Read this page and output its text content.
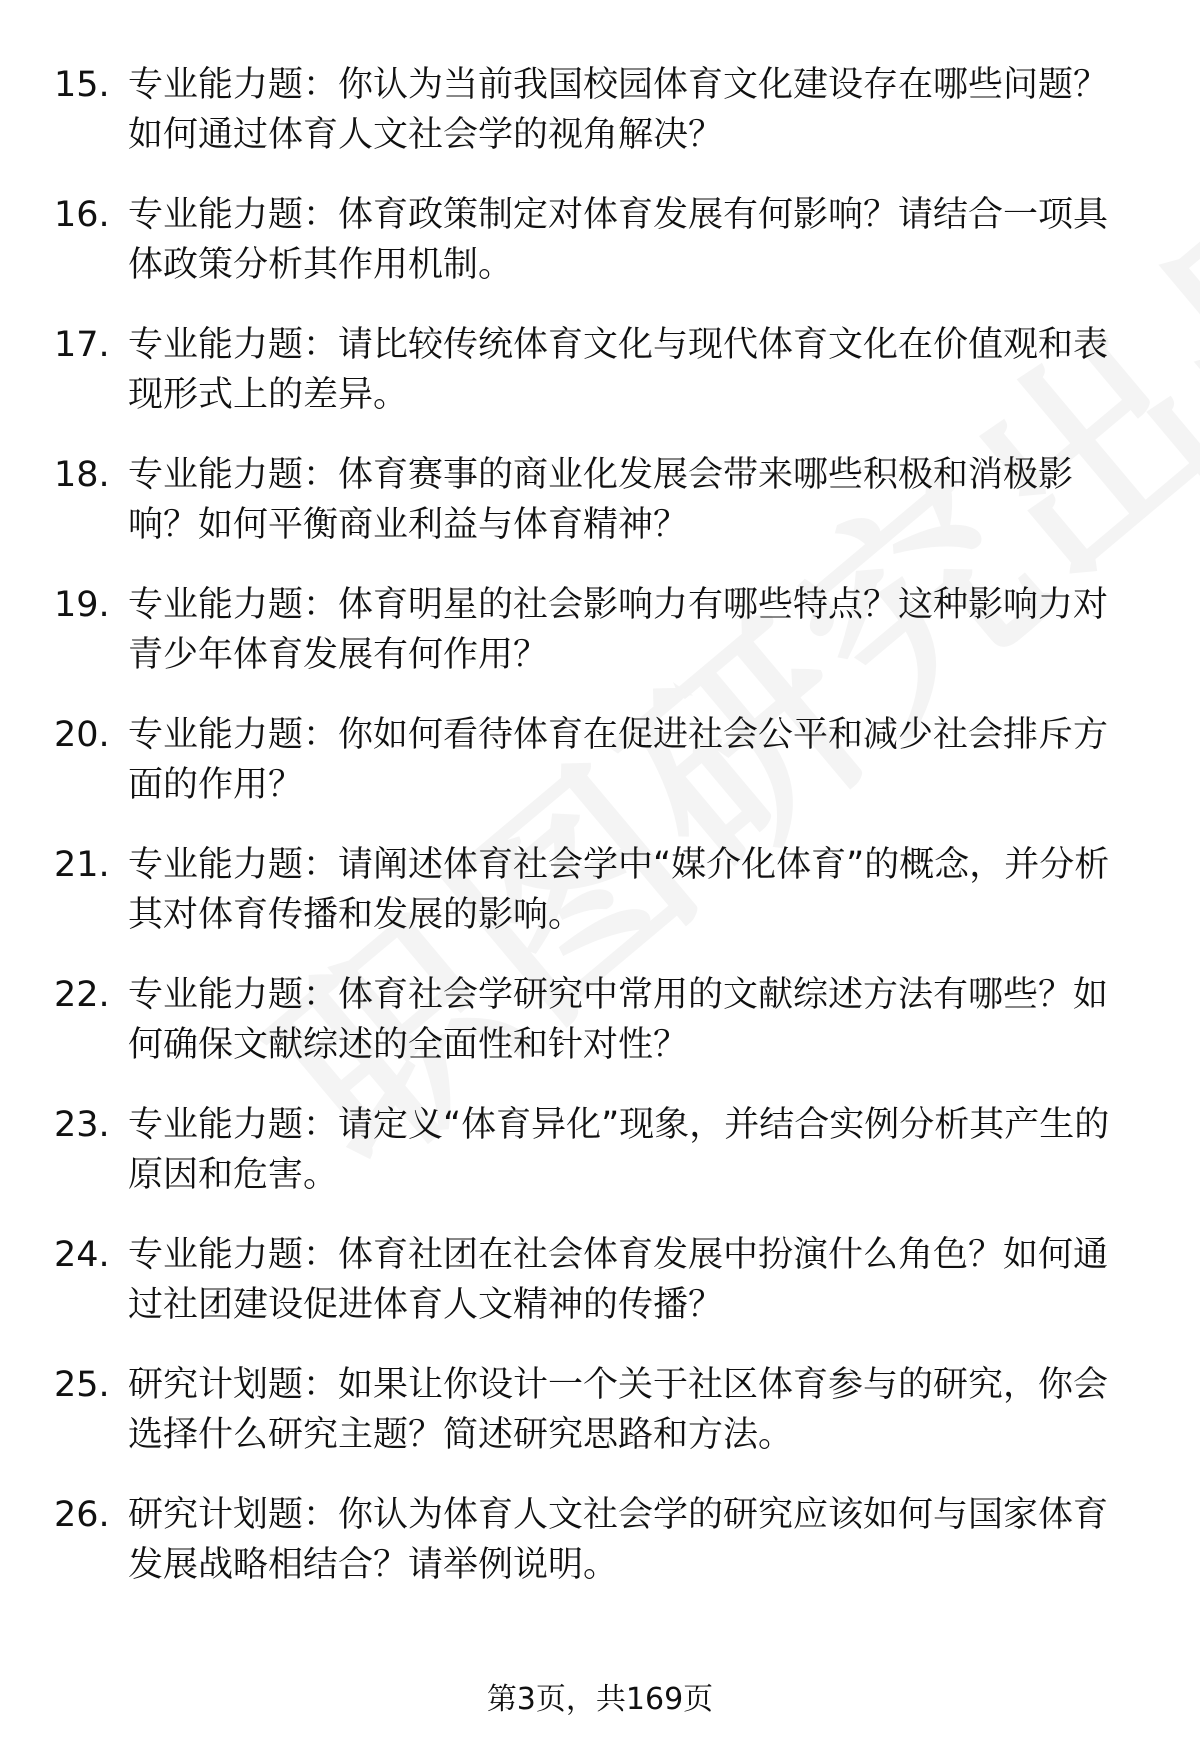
15. 专业能力题：你认为当前我国校园体育文化建设存在哪些问题？如何通过体育人文社会学的视角解决？
16. 专业能力题：体育政策制定对体育发展有何影响？请结合一项具体政策分析其作用机制。
17. 专业能力题：请比较传统体育文化与现代体育文化在价值观和表现形式上的差异。
18. 专业能力题：体育赛事的商业化发展会带来哪些积极和消极影响？如何平衡商业利益与体育精神？
19. 专业能力题：体育明星的社会影响力有哪些特点？这种影响力对青少年体育发展有何作用？
20. 专业能力题：你如何看待体育在促进社会公平和减少社会排斥方面的作用？
21. 专业能力题：请阐述体育社会学中“媒介化体育”的概念，并分析其对体育传播和发展的影响。
22. 专业能力题：体育社会学研究中常用的文献综述方法有哪些？如何确保文献综述的全面性和针对性？
23. 专业能力题：请定义“体育异化”现象，并结合实例分析其产生的原因和危害。
24. 专业能力题：体育社团在社会体育发展中扮演什么角色？如何通过社团建设促进体育人文精神的传播？
25. 研究计划题：如果让你设计一个关于社区体育参与的研究，你会选择什么研究主题？简述研究思路和方法。
26. 研究计划题：你认为体育人文社会学的研究应该如何与国家体育发展战略相结合？请举例说明。
第3页，共169页
